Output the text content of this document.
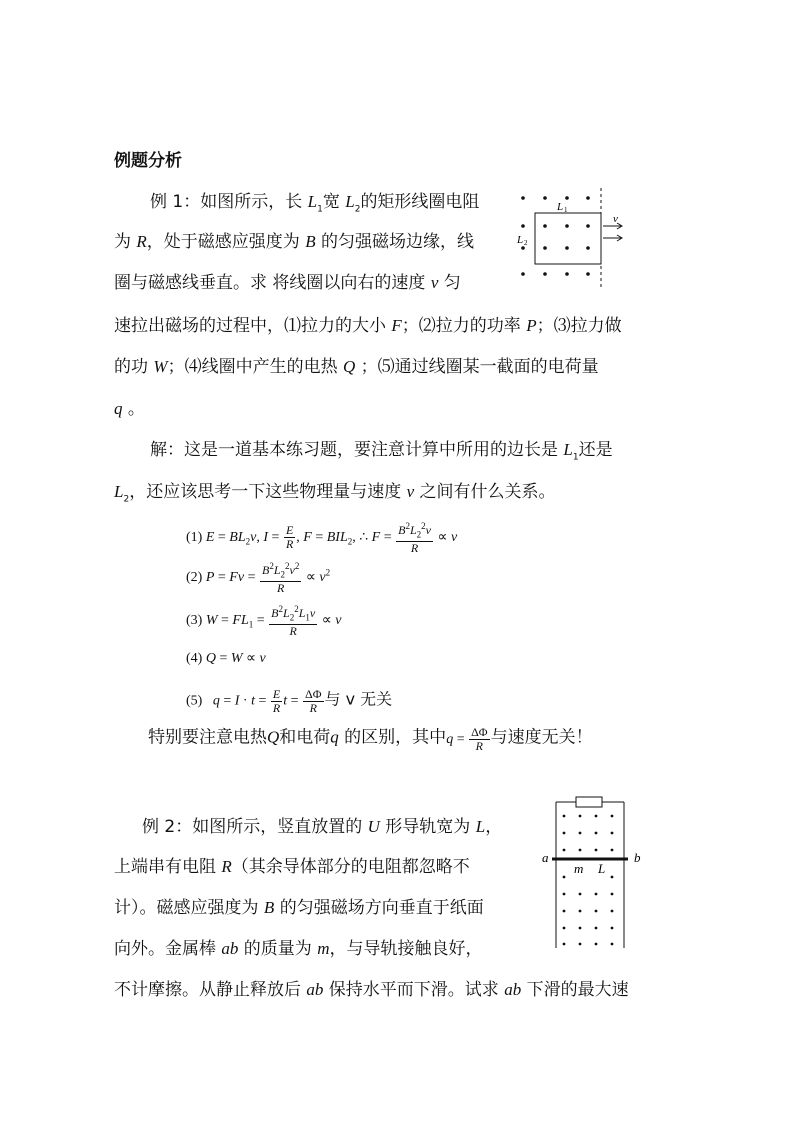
例题分析
例 1：如图所示，长 $L_1$宽 $L_2$的矩形线圈电阻
为 R，处于磁感应强度为 B 的匀强磁场边缘，线
圈与磁感线垂直。求 将线圈以向右的速度 v 匀
速拉出磁场的过程中，⑴拉力的大小 F；⑵拉力的功率 P；⑶拉力做
的功 W；⑷线圈中产生的电热 Q ；⑸通过线圈某一截面的电荷量
q 。
L 1
L 2
v
解：这是一道基本练习题，要注意计算中所用的边长是 $L_1$还是
$L_2$，还应该思考一下这些物理量与速度 v 之间有什么关系。
(1) $E = BL_2v$, $I = \frac{E}{R}$ , $F = BIL_2$, ∴ $F = \frac{B^2L_2^2v}{R} \propto v$
(2) $P = Fv = \frac{B^2L_2^2v^2}{R} \propto v^2$
(3) $W = FL_1 = \frac{B^2L_2^2L_1v}{R} \propto v$
(4) Q = W ∝ v
(5) $q = I \cdot t = \frac{E}{R}$ $t = \frac{\Delta\Phi}{R}$ 与 v 无关
特别要注意电热Q和电荷q 的区别，其中$q = \frac{\Delta\Phi}{R}$ 与速度无关！
例 2：如图所示，竖直放置的 U 形导轨宽为 L，
上端串有电阻 R（其余导体部分的电阻都忽略不
计）。磁感应强度为 B 的匀强磁场方向垂直于纸面
向外。金属棒 ab 的质量为 m，与导轨接触良好，
不计摩擦。从静止释放后 ab 保持水平而下滑。试求 ab 下滑的最大速
a	b
m L
